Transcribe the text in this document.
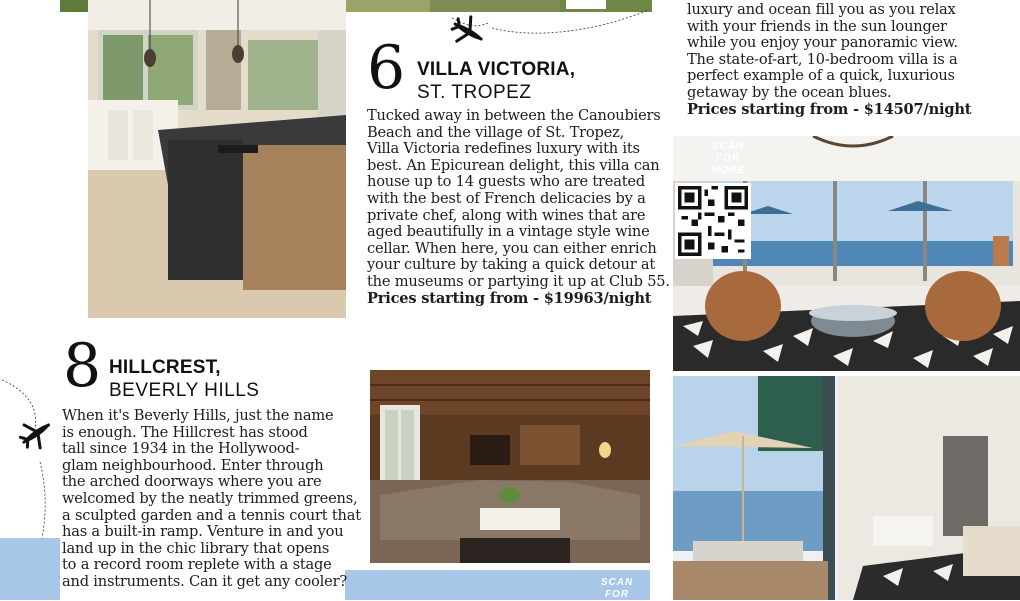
6 VILLA VICTORIA,
ST. TROPEZ
Tucked away in between the Canoubiers
Beach and the village of St. Tropez,
Villa Victoria redefines luxury with its
best. An Epicurean delight, this villa can
house up to 14 guests who are treated
with the best of French delicacies by a
private chef, along with wines that are
aged beautifully in a vintage style wine
cellar. When here, you can either enrich
your culture by taking a quick detour at
the museums or partying it up at Club 55.
Prices starting from - $19963/night
luxury and ocean fill you as you relax
with your friends in the sun lounger
while you enjoy your panoramic view.
The state-of-art, 10-bedroom villa is a
perfect example of a quick, luxurious
getaway by the ocean blues.
Prices starting from - $14507/night
SCAN
FOR
MORE
8 HILLCREST,
BEVERLY HILLS
When it's Beverly Hills, just the name
is enough. The Hillcrest has stood
tall since 1934 in the Hollywood-
glam neighbourhood. Enter through
the arched doorways where you are
welcomed by the neatly trimmed greens,
a sculpted garden and a tennis court that
has a built-in ramp. Venture in and you
land up in the chic library that opens
to a record room replete with a stage
and instruments. Can it get any cooler?	SCAN
FOR
